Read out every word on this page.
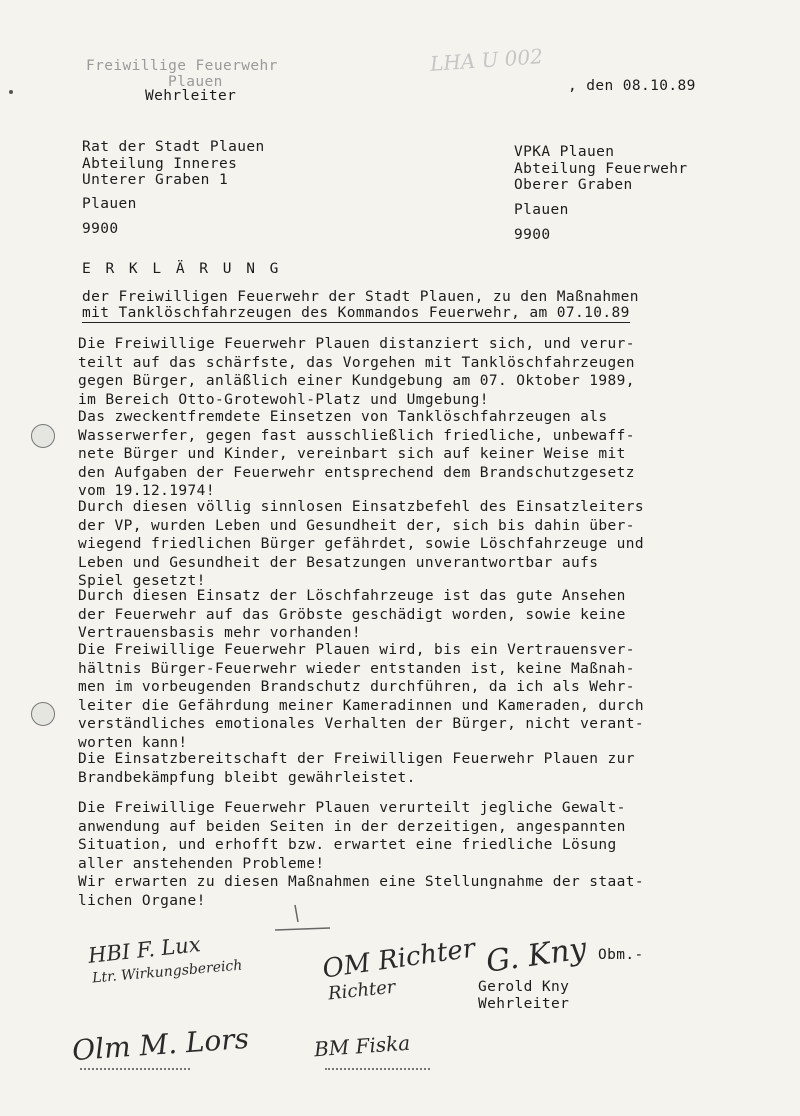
Freiwillige Feuerwehr
Plauen
Wehrleiter
LHA U 002
, den 08.10.89
Rat der Stadt Plauen
Abteilung Inneres
Unterer Graben 1
Plauen
9900
VPKA Plauen
Abteilung Feuerwehr
Oberer Graben
Plauen
9900
E R K L Ä R U N G
der Freiwilligen Feuerwehr der Stadt Plauen, zu den Maßnahmen
mit Tanklöschfahrzeugen des Kommandos Feuerwehr, am 07.10.89
Die Freiwillige Feuerwehr Plauen distanziert sich, und verur-
teilt auf das schärfste, das Vorgehen mit Tanklöschfahrzeugen
gegen Bürger, anläßlich einer Kundgebung am 07. Oktober 1989,
im Bereich Otto-Grotewohl-Platz und Umgebung!
Das zweckentfremdete Einsetzen von Tanklöschfahrzeugen als
Wasserwerfer, gegen fast ausschließlich friedliche, unbewaff-
nete Bürger und Kinder, vereinbart sich auf keiner Weise mit
den Aufgaben der Feuerwehr entsprechend dem Brandschutzgesetz
vom 19.12.1974!
Durch diesen völlig sinnlosen Einsatzbefehl des Einsatzleiters
der VP, wurden Leben und Gesundheit der, sich bis dahin über-
wiegend friedlichen Bürger gefährdet, sowie Löschfahrzeuge und
Leben und Gesundheit der Besatzungen unverantwortbar aufs
Spiel gesetzt!
Durch diesen Einsatz der Löschfahrzeuge ist das gute Ansehen
der Feuerwehr auf das Gröbste geschädigt worden, sowie keine
Vertrauensbasis mehr vorhanden!
Die Freiwillige Feuerwehr Plauen wird, bis ein Vertrauensver-
hältnis Bürger-Feuerwehr wieder entstanden ist, keine Maßnah-
men im vorbeugenden Brandschutz durchführen, da ich als Wehr-
leiter die Gefährdung meiner Kameradinnen und Kameraden, durch
verständliches emotionales Verhalten der Bürger, nicht verant-
worten kann!
Die Einsatzbereitschaft der Freiwilligen Feuerwehr Plauen zur
Brandbekämpfung bleibt gewährleistet.
Die Freiwillige Feuerwehr Plauen verurteilt jegliche Gewalt-
anwendung auf beiden Seiten in der derzeitigen, angespannten
Situation, und erhofft bzw. erwartet eine friedliche Lösung
aller anstehenden Probleme!
Wir erwarten zu diesen Maßnahmen eine Stellungnahme der staat-
lichen Organe!
HBI F. Lux
Ltr. Wirkungsbereich	OM Richter
Richter
G. Kny Obm.-
Gerold Kny
Wehrleiter
Olm M. Lors	BM Fiska
